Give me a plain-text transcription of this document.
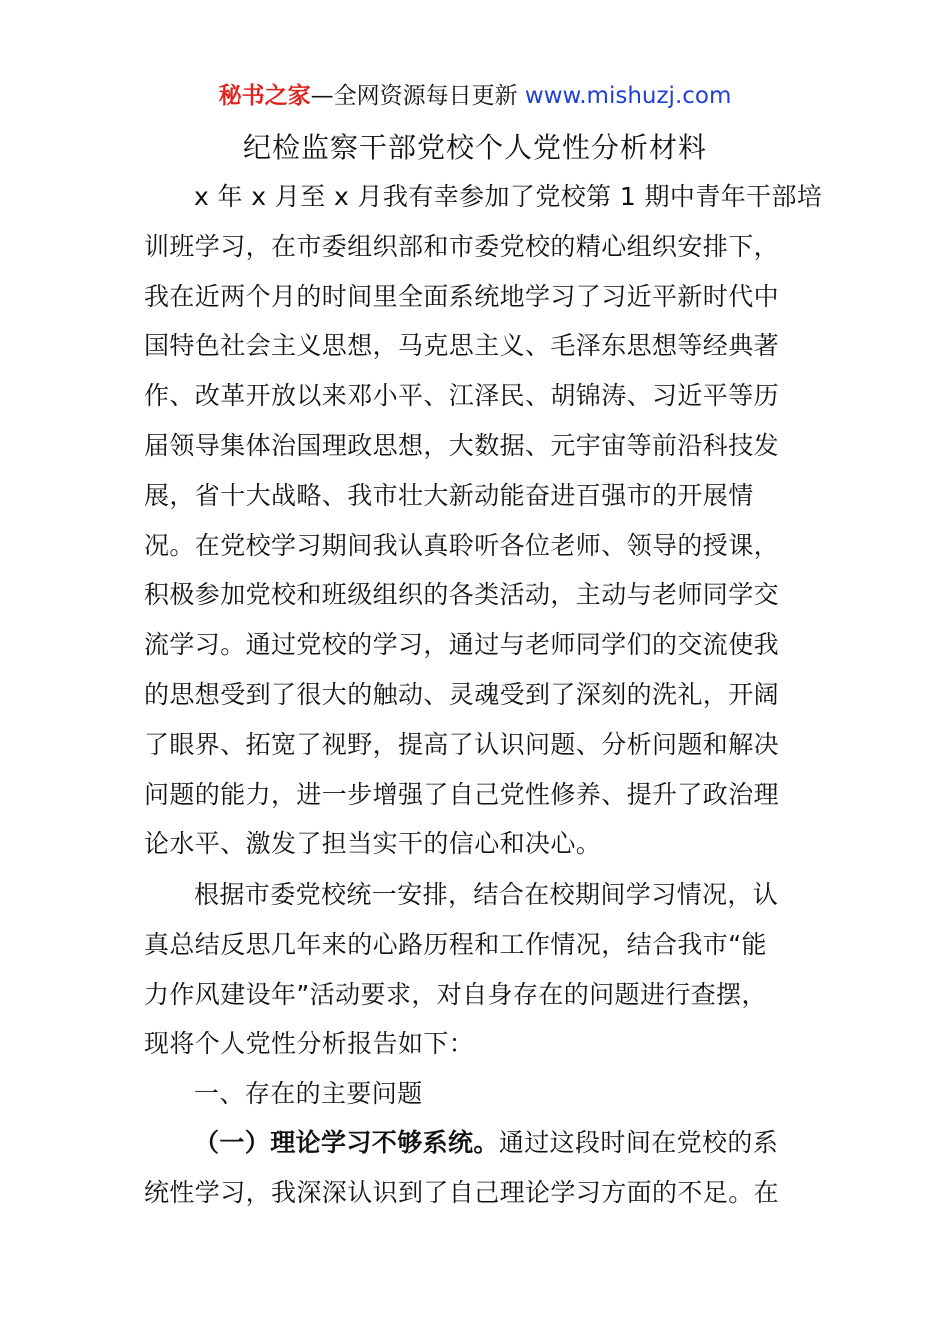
秘书之家—全网资源每日更新 www.mishuzj.com
纪检监察干部党校个人党性分析材料
x 年 x 月至 x 月我有幸参加了党校第 1 期中青年干部培
训班学习，在市委组织部和市委党校的精心组织安排下，
我在近两个月的时间里全面系统地学习了习近平新时代中
国特色社会主义思想，马克思主义、毛泽东思想等经典著
作、改革开放以来邓小平、江泽民、胡锦涛、习近平等历
届领导集体治国理政思想，大数据、元宇宙等前沿科技发
展，省十大战略、我市壮大新动能奋进百强市的开展情
况。在党校学习期间我认真聆听各位老师、领导的授课，
积极参加党校和班级组织的各类活动，主动与老师同学交
流学习。通过党校的学习，通过与老师同学们的交流使我
的思想受到了很大的触动、灵魂受到了深刻的洗礼，开阔
了眼界、拓宽了视野，提高了认识问题、分析问题和解决
问题的能力，进一步增强了自己党性修养、提升了政治理
论水平、激发了担当实干的信心和决心。
根据市委党校统一安排，结合在校期间学习情况，认
真总结反思几年来的心路历程和工作情况，结合我市“能
力作风建设年”活动要求，对自身存在的问题进行查摆，
现将个人党性分析报告如下：
一、存在的主要问题
（一）理论学习不够系统。通过这段时间在党校的系
统性学习，我深深认识到了自己理论学习方面的不足。在
